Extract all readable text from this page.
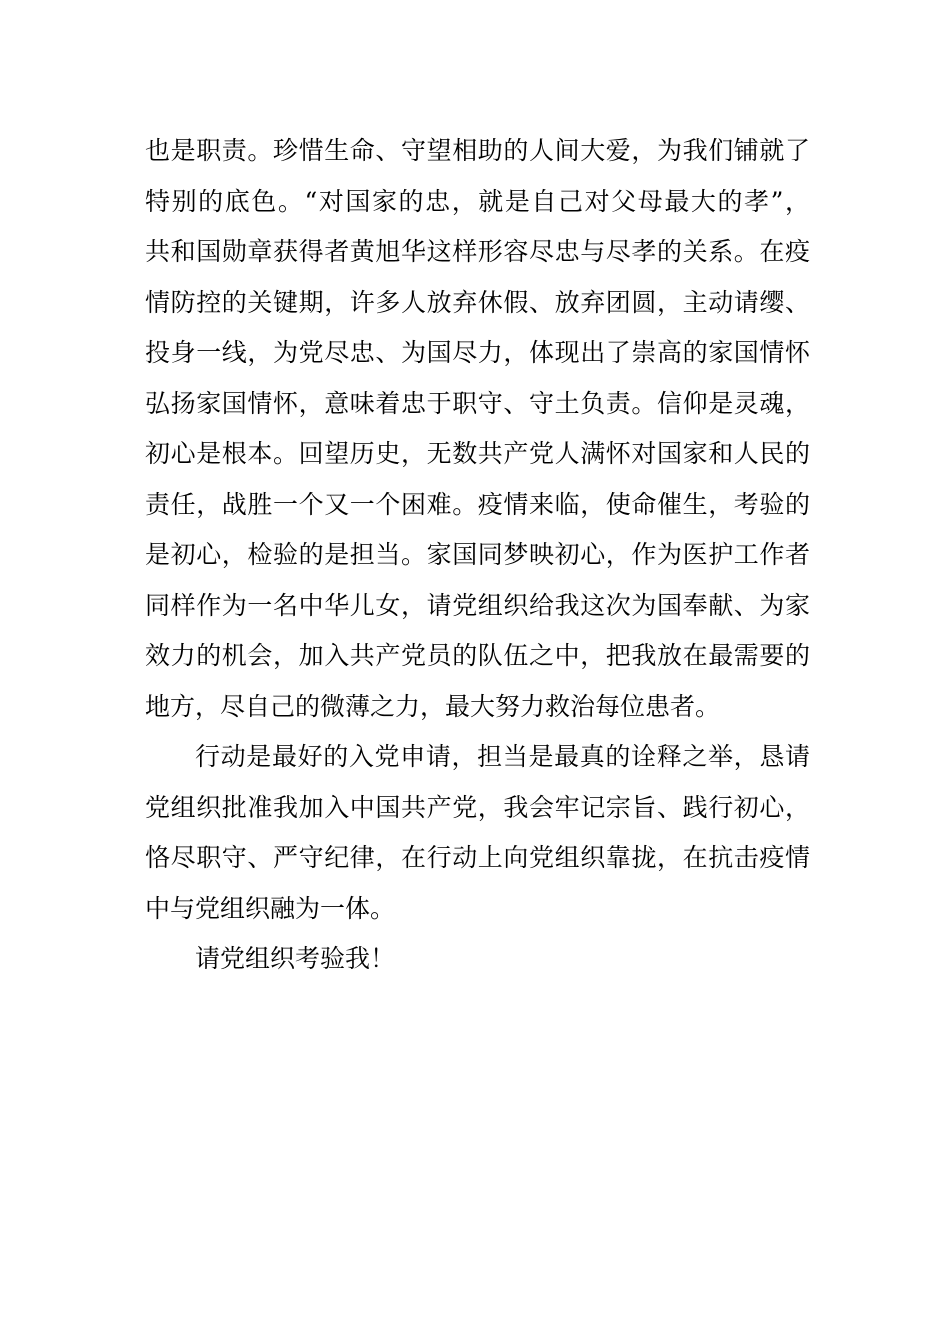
也是职责。珍惜生命、守望相助的人间大爱，为我们铺就了
特别的底色。“对国家的忠，就是自己对父母最大的孝”，
共和国勋章获得者黄旭华这样形容尽忠与尽孝的关系。在疫
情防控的关键期，许多人放弃休假、放弃团圆，主动请缨、
投身一线，为党尽忠、为国尽力，体现出了崇高的家国情怀
弘扬家国情怀，意味着忠于职守、守土负责。信仰是灵魂，
初心是根本。回望历史，无数共产党人满怀对国家和人民的
责任，战胜一个又一个困难。疫情来临，使命催生，考验的
是初心，检验的是担当。家国同梦映初心，作为医护工作者
同样作为一名中华儿女，请党组织给我这次为国奉献、为家
效力的机会，加入共产党员的队伍之中，把我放在最需要的
地方，尽自己的微薄之力，最大努力救治每位患者。
行动是最好的入党申请，担当是最真的诠释之举，恳请
党组织批准我加入中国共产党，我会牢记宗旨、践行初心，
恪尽职守、严守纪律，在行动上向党组织靠拢，在抗击疫情
中与党组织融为一体。
请党组织考验我！
